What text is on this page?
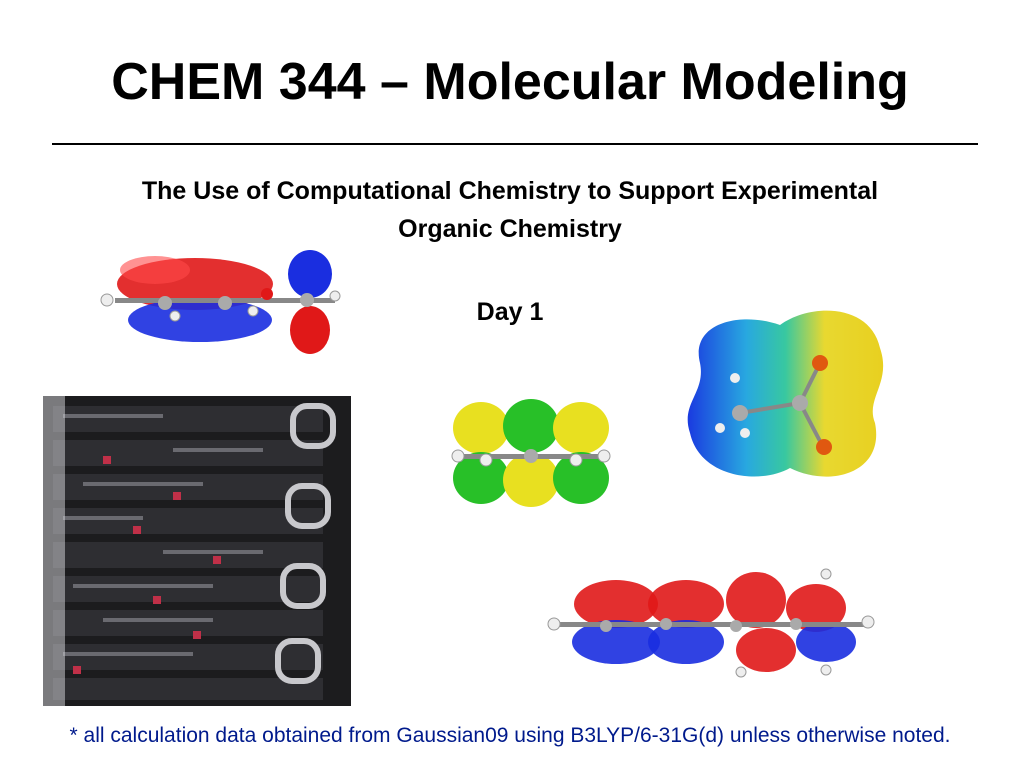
CHEM 344 – Molecular Modeling
The Use of Computational Chemistry to Support Experimental
Organic Chemistry
Day 1
* all calculation data obtained from Gaussian09 using B3LYP/6-31G(d) unless otherwise noted.
